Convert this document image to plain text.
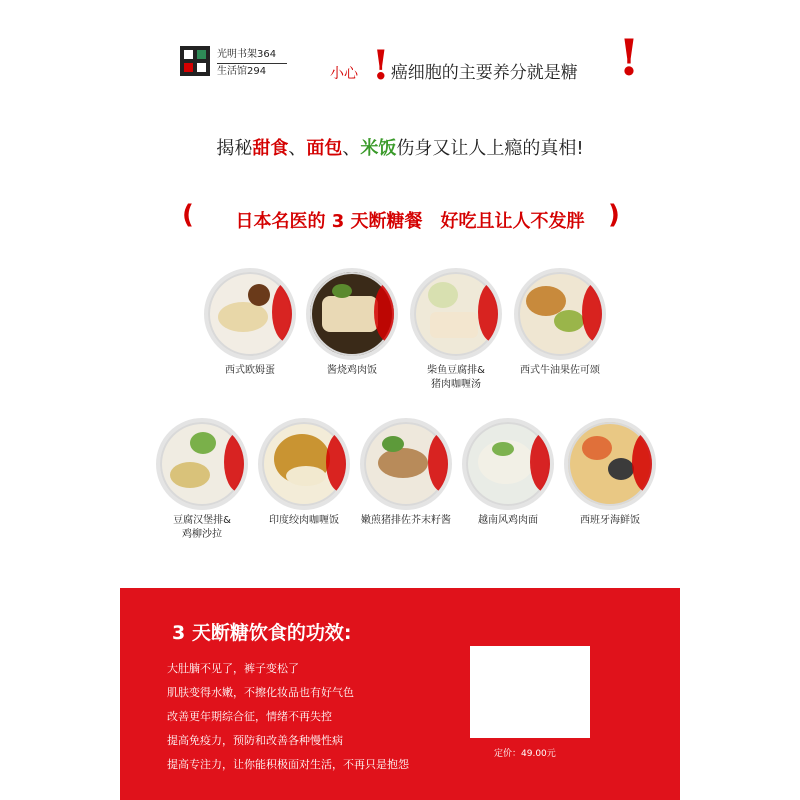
光明书架364
生活馆294	!	!
小心 癌细胞的主要养分就是糖
揭秘甜食、面包、米饭伤身又让人上瘾的真相!
(	日本名医的 3 天断糖餐　好吃且让人不发胖 )
西式欧姆蛋	酱烧鸡肉饭	柴鱼豆腐排&
猪肉咖喱汤
西式牛油果佐可颂

豆腐汉堡排&
鸡柳沙拉
印度绞肉咖喱饭	嫩煎猪排佐芥末籽酱	越南风鸡肉面	西班牙海鲜饭

3 天断糖饮食的功效:
大肚腩不见了，裤子变松了
肌肤变得水嫩，不擦化妆品也有好气色
改善更年期综合征，情绪不再失控
提高免疫力，预防和改善各种慢性病
提高专注力，让你能积极面对生活，不再只是抱怨
定价：49.00元
